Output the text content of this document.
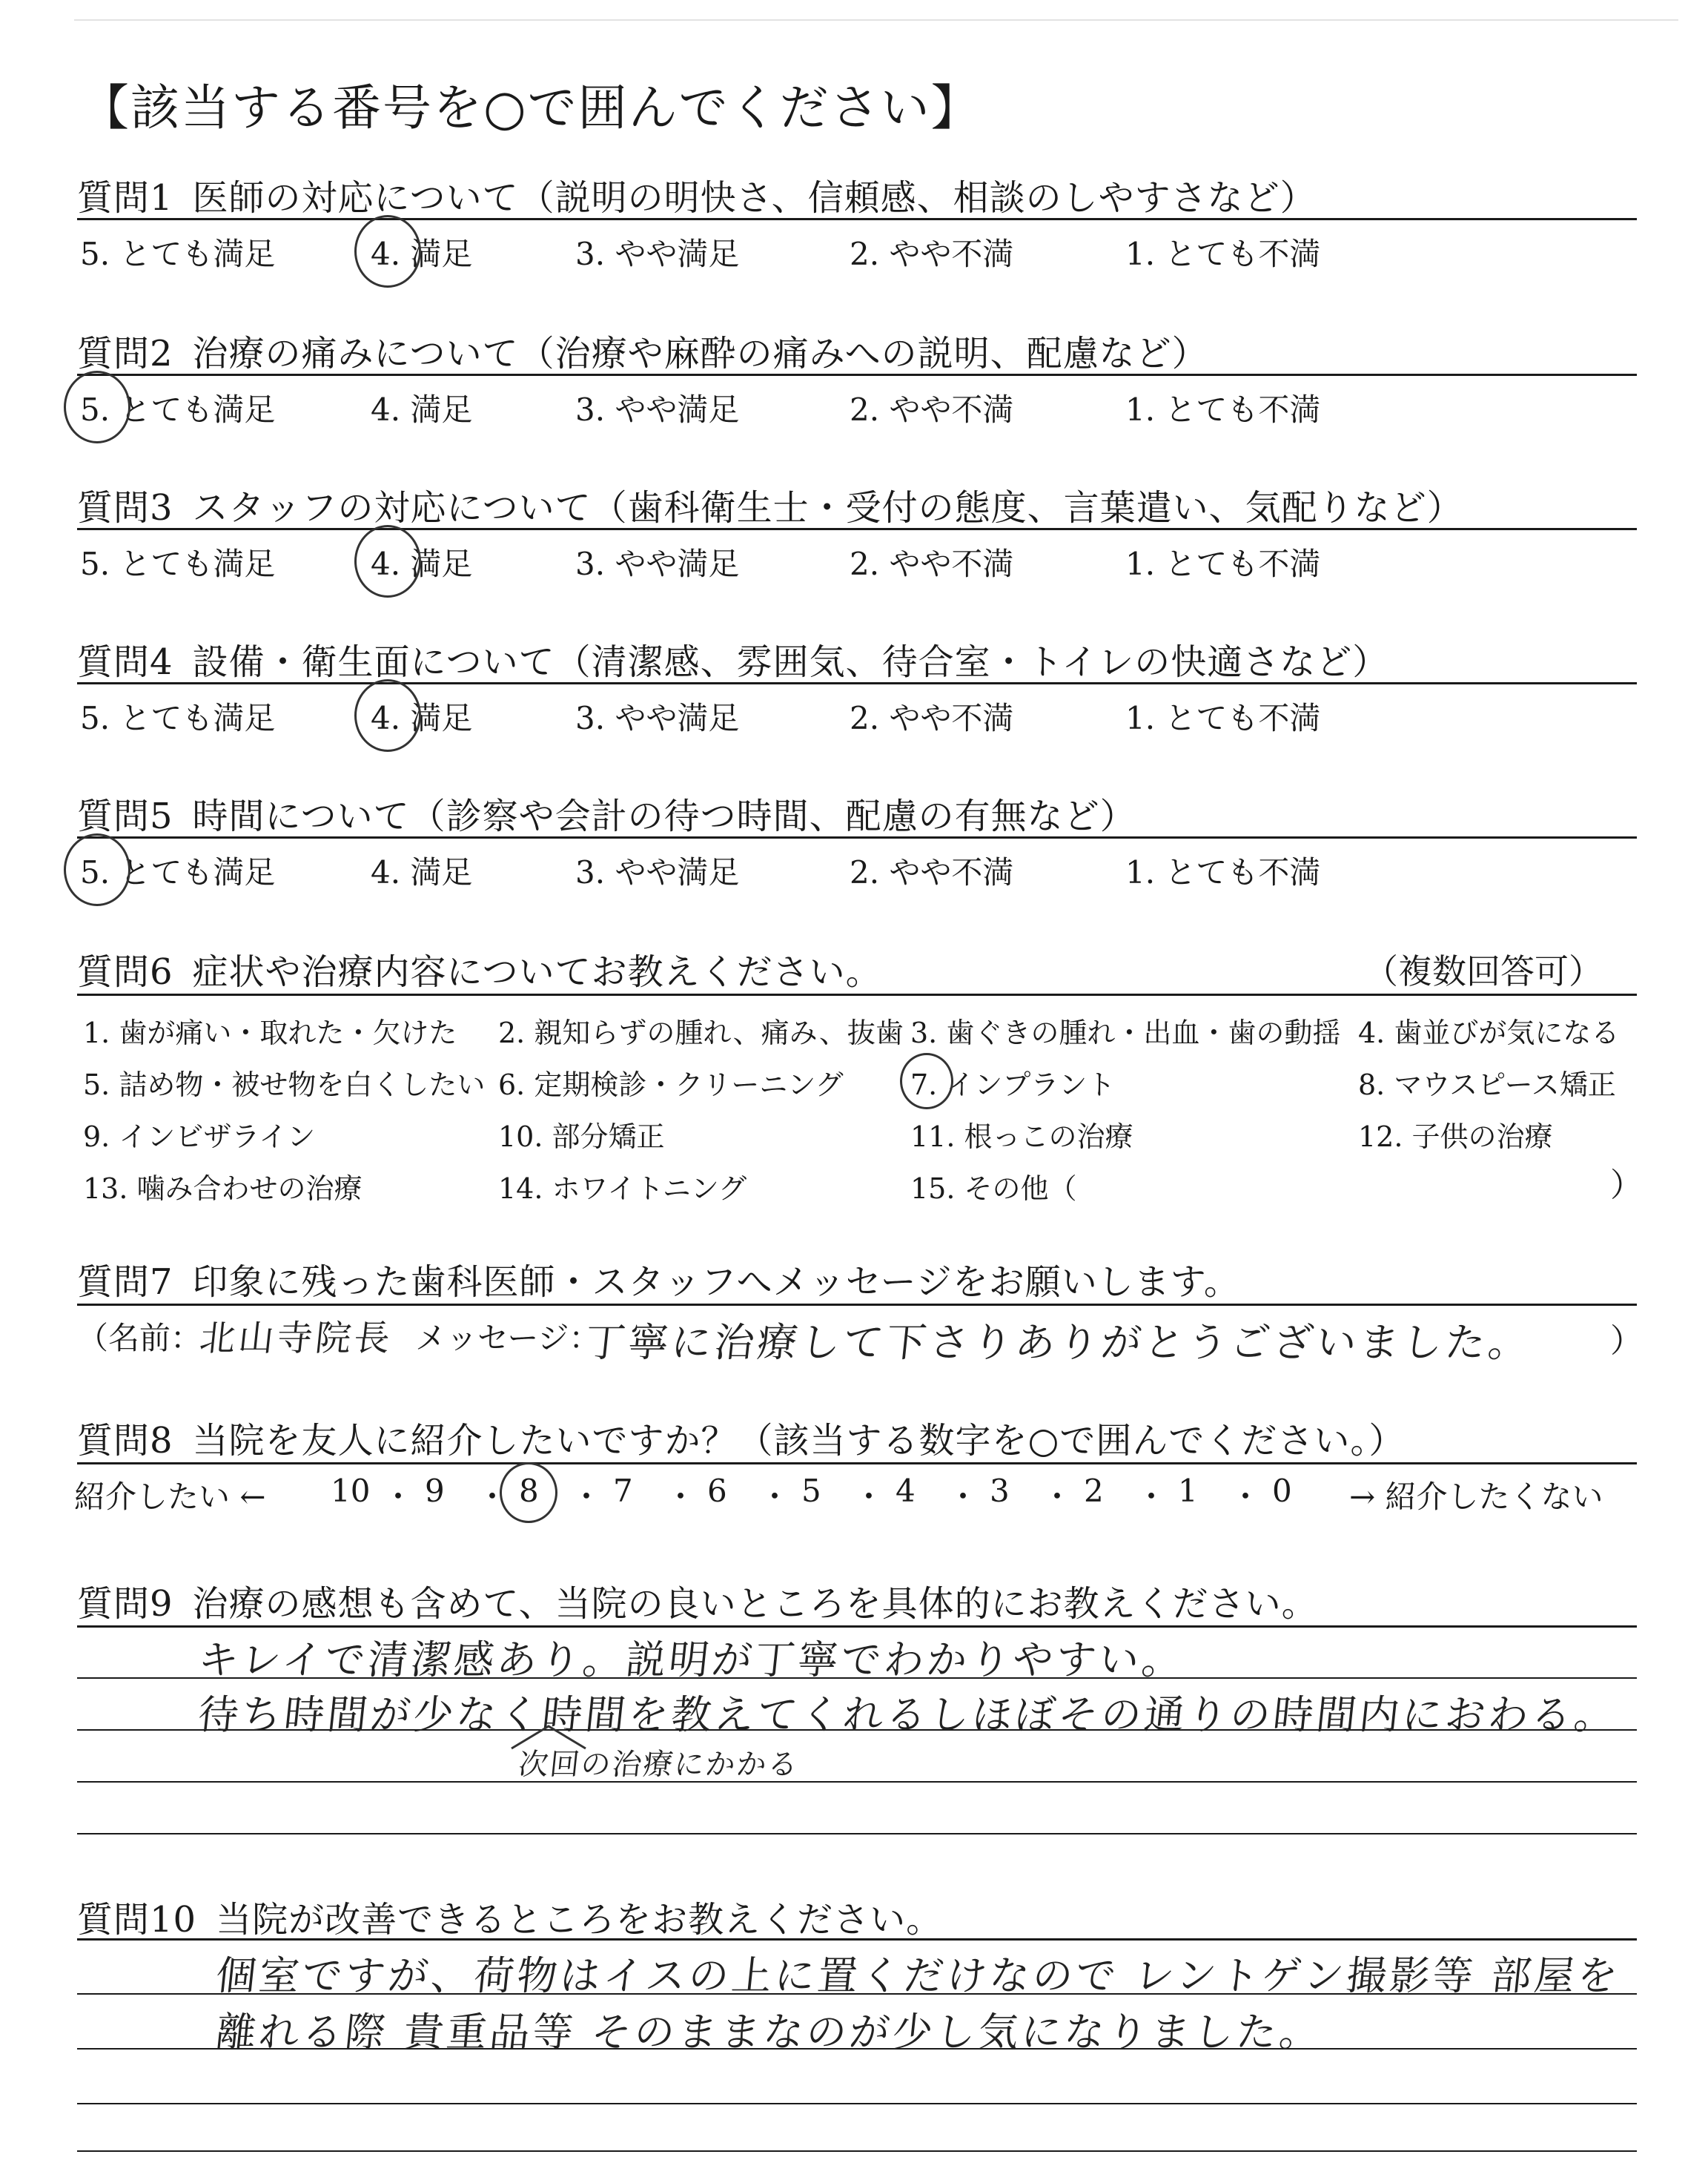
【該当する番号を○で囲んでください】
質問1 医師の対応について（説明の明快さ、信頼感、相談のしやすさなど）
5. とても満足	4. 満足	3. やや満足	2. やや不満	1. とても不満
質問2 治療の痛みについて（治療や麻酔の痛みへの説明、配慮など）
5. とても満足	4. 満足	3. やや満足	2. やや不満	1. とても不満
質問3 スタッフの対応について（歯科衛生士・受付の態度、言葉遣い、気配りなど）
5. とても満足	4. 満足	3. やや満足	2. やや不満	1. とても不満
質問4 設備・衛生面について（清潔感、雰囲気、待合室・トイレの快適さなど）
5. とても満足	4. 満足	3. やや満足	2. やや不満	1. とても不満
質問5 時間について（診察や会計の待つ時間、配慮の有無など）
5. とても満足	4. 満足	3. やや満足	2. やや不満	1. とても不満
質問6 症状や治療内容についてお教えください。	（複数回答可）
1. 歯が痛い・取れた・欠けた 2. 親知らずの腫れ、痛み、抜歯 3. 歯ぐきの腫れ・出血・歯の動揺 4. 歯並びが気になる
5. 詰め物・被せ物を白くしたい 6. 定期検診・クリーニング 7. インプラント	8. マウスピース矯正
9. インビザライン	10. 部分矯正	11. 根っこの治療	12. 子供の治療
13. 噛み合わせの治療	14. ホワイトニング	15. その他（	）
質問7 印象に残った歯科医師・スタッフへメッセージをお願いします。
（名前：
北山寺院長 メッセージ：
丁寧に治療して下さりありがとうございました。 ）
質問8 当院を友人に紹介したいですか？（該当する数字を○で囲んでください。）
紹介したい ← 10 ・ 9 ・ 8 ・ 7 ・ 6 ・ 5 ・ 4 ・ 3 ・ 2 ・ 1 ・ 0 → 紹介したくない
質問9 治療の感想も含めて、当院の良いところを具体的にお教えください。
キレイで清潔感あり。説明が丁寧でわかりやすい。
待ち時間が少なく時間を教えてくれるしほぼその通りの時間内におわる。
次回の治療にかかる
質問10 当院が改善できるところをお教えください。
個室ですが、荷物はイスの上に置くだけなので レントゲン撮影等 部屋を
離れる際 貴重品等 そのままなのが少し気になりました。
